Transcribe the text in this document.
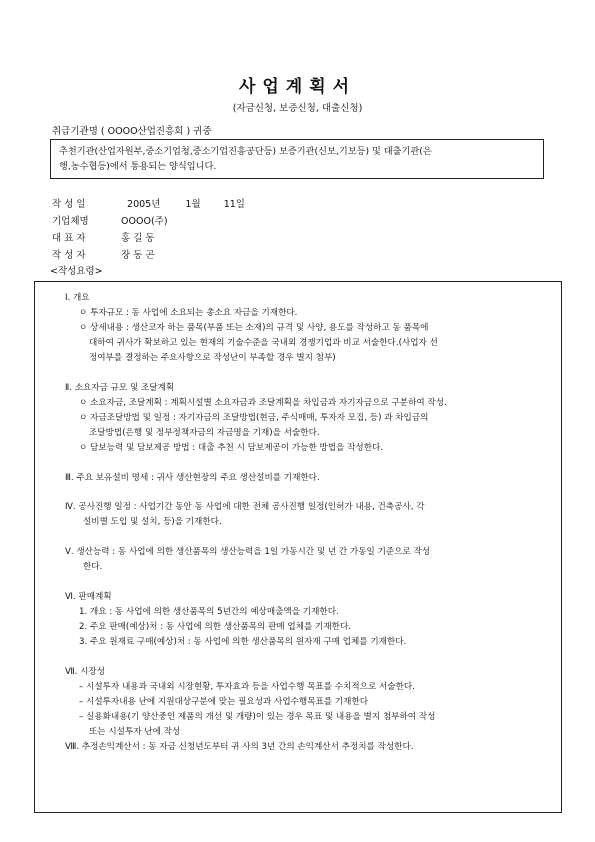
사업계획서
(자금신청, 보증신청, 대출신청)
취급기관명 ( OOOO산업진흥회 ) 귀중
추천기관(산업자원부,중소기업청,중소기업진흥공단등) 보증기관(신보,기보등) 및 대출기관(은
행,농수협등)에서 통용되는 양식입니다.
작 성 일	2005년	1월 11일
기업체명	OOOO(주)
대 표 자	홍 길 동
작 성 자	장 동 곤
<작성요령>
Ⅰ. 개요
ㅇ 투자규모 : 동 사업에 소요되는 총소요 자금을 기재한다.
ㅇ 상세내용 : 생산코자 하는 품목(부품 또는 소재)의 규격 및 사양, 용도를 작성하고 동 품목에
대하여 귀사가 확보하고 있는 현재의 기술수준을 국내외 경쟁기업과 비교 서술한다.(사업자 선
정여부를 결정하는 주요사항으로 작성난이 부족할 경우 별지 첨부)
Ⅱ. 소요자금 규모 및 조달계획
ㅇ 소요자금, 조달계획 : 계획시설별 소요자금과 조달계획을 차입금과 자기자금으로 구분하여 작성.
ㅇ 자금조달방법 및 일정 : 자기자금의 조달방법(현금, 주식매매, 투자자 모집, 등) 과 차입금의
조달방법(은행 및 정부정책자금의 자금명을 기재)을 서술한다.
ㅇ 담보능력 및 담보제공 방법 : 대출 추천 시 담보제공이 가능한 방법을 작성한다.
Ⅲ. 주요 보유설비 명세 : 귀사 생산현장의 주요 생산설비를 기재한다.
Ⅳ. 공사진행 일정 : 사업기간 동안 동 사업에 대한 전체 공사진행 일정(인허가 내용, 건축공사, 각
설비별 도입 및 설치, 등)을 기재한다.
Ⅴ. 생산능력 : 동 사업에 의한 생산품목의 생산능력을 1일 가동시간 및 년 간 가동일 기준으로 작성
한다.
Ⅵ. 판매계획
1. 개요 : 동 사업에 의한 생산품목의 5년간의 예상매출액을 기재한다.
2. 주요 판매(예상)처 : 동 사업에 의한 생산품목의 판매 업체를 기재한다.
3. 주요 원재료 구매(예상)처 : 동 사업에 의한 생산품목의 원자재 구매 업체를 기재한다.
Ⅶ. 시장성
– 시설투자 내용과 국내외 시장현황, 투자효과 등을 사업수행 목표를 수치적으로 서술한다.
– 시설투자내용 난에 지원대상구분에 맞는 필요성과 사업수행목표를 기재한다
– 실용화내용(기 양산중인 제품의 개선 및 개량)이 있는 경우 목표 및 내용을 별지 첨부하여 작성
또는 시설투자 난에 작성
Ⅷ. 추정손익계산서 : 동 자금 신청년도부터 귀 사의 3년 간의 손익계산서 추정치를 작성한다.
